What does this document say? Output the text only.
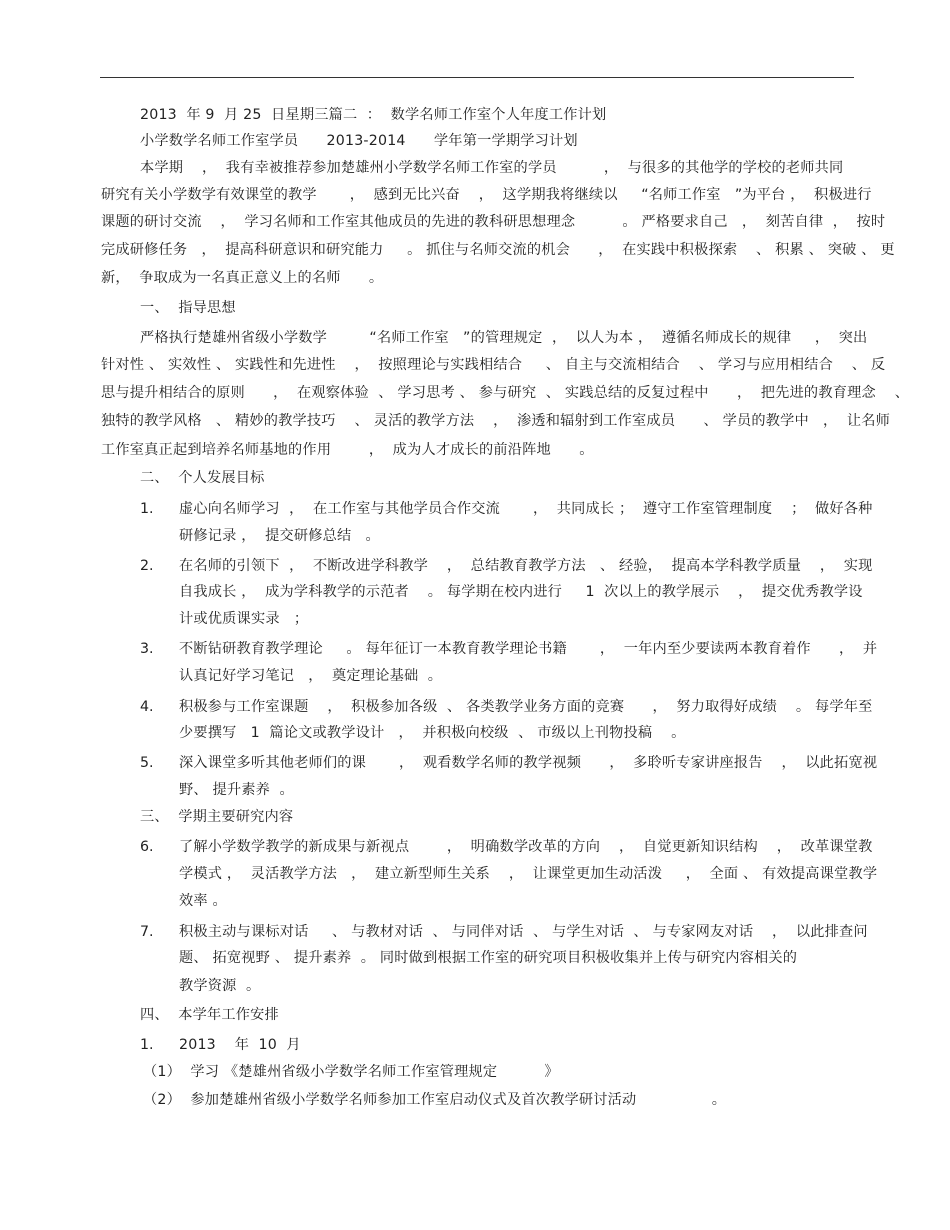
2013  年 9  月 25  日星期三篇二  ：  数学名师工作室个人年度工作计划
小学数学名师工作室学员      2013-2014      学年第一学期学习计划
本学期    ，  我有幸被推荐参加楚雄州小学数学名师工作室的学员          ，  与很多的其他学的学校的老师共同
研究有关小学数学有效课堂的教学       ，  感到无比兴奋    ，  这学期我将继续以     “名师工作室   ”为平台 ，  积极进行
课题的研讨交流    ，  学习名师和工作室其他成员的先进的教科研思想理念          。 严格要求自己   ，  刻苦自律  ，  按时
完成研修任务   ，  提高科研意识和研究能力     。 抓住与名师交流的机会      ，  在实践中积极探索    、 积累 、 突破 、 更
新，  争取成为一名真正意义上的名师      。
一、  指导思想
严格执行楚雄州省级小学数学         “名师工作室   ”的管理规定  ，  以人为本 ，  遵循名师成长的规律     ，  突出
针对性 、 实效性 、 实践性和先进性    ，  按照理论与实践相结合     、 自主与交流相结合    、 学习与应用相结合    、 反
思与提升相结合的原则      ，  在观察体验  、 学习思考 、 参与研究  、 实践总结的反复过程中      ，  把先进的教育理念    、
独特的教学风格   、 精妙的教学技巧    、 灵活的教学方法    ，  渗透和辐射到工作室成员      、 学员的教学中   ，  让名师
工作室真正起到培养名师基地的作用        ，  成为人才成长的前沿阵地      。
二、  个人发展目标
1. 虚心向名师学习  ，  在工作室与其他学员合作交流       ，  共同成长 ；  遵守工作室管理制度    ；  做好各种
研修记录 ，  提交研修总结   。
2. 在名师的引领下  ，  不断改进学科教学    ，  总结教育教学方法   、 经验，  提高本学科教学质量    ，  实现
自我成长 ，  成为学科教学的示范者    。 每学期在校内进行     1  次以上的教学展示    ，  提交优秀教学设
计或优质课实录   ；
3. 不断钻研教育教学理论     。 每年征订一本教育教学理论书籍       ，  一年内至少要读两本教育着作      ，  并
认真记好学习笔记   ，  奠定理论基础  。
4. 积极参与工作室课题    ，  积极参加各级  、 各类教学业务方面的竞赛      ，  努力取得好成绩    。 每学年至
少要撰写   1  篇论文或教学设计   ，  并积极向校级  、 市级以上刊物投稿    。
5. 深入课堂多听其他老师们的课       ，  观看数学名师的教学视频      ，  多聆听专家讲座报告    ，  以此拓宽视
野、 提升素养  。
三、  学期主要研究内容
6. 了解小学数学教学的新成果与新视点        ，  明确数学改革的方向    ，  自觉更新知识结构    ，  改革课堂教
学模式 ，  灵活教学方法   ，  建立新型师生关系    ，  让课堂更加生动活泼     ，  全面 、 有效提高课堂教学
效率 。
7. 积极主动与课标对话     、 与教材对话  、 与同伴对话  、 与学生对话  、 与专家网友对话    ，  以此排查问
题、 拓宽视野 、 提升素养  。 同时做到根据工作室的研究项目积极收集并上传与研究内容相关的
教学资源  。
四、  本学年工作安排
1. 2013    年  10  月
（1）  学习 《楚雄州省级小学数学名师工作室管理规定          》
（2）  参加楚雄州省级小学数学名师参加工作室启动仪式及首次教学研讨活动                。
